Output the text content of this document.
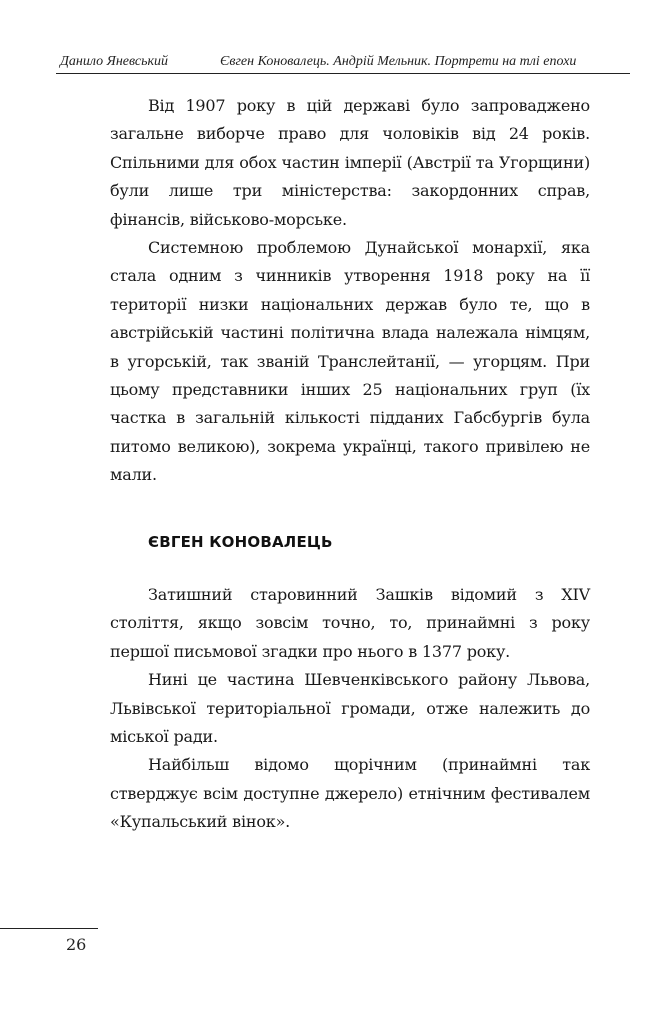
Данило Яневський	Євген Коновалець. Андрій Мельник. Портрети на тлі епохи

Від 1907 року в цій державі було запроваджено загальне виборче право для чоловіків від 24 років. Спільними для обох частин імперії (Австрії та Угорщини) були лише три міністерства: закордонних справ, фінансів, військово-морське.

Системною проблемою Дунайської монархії, яка стала одним з чинників утворення 1918 року на її території низки національних держав було те, що в австрійській частині політична влада належала німцям, в угорській, так званій Транслейтанії, — угорцям. При цьому представники інших 25 національних груп (їх частка в загальній кількості підданих Габсбургів була питомо великою), зокрема українці, такого привілею не мали.

ЄВГЕН КОНОВАЛЕЦЬ

Затишний старовинний Зашків відомий з XIV століття, якщо зовсім точно, то, принаймні з року першої письмової згадки про нього в 1377 року.

Нині це частина Шевченківського району Львова, Львівської територіальної громади, отже належить до міської ради.

Найбільш відомо щорічним (принаймні так стверджує всім доступне джерело) етнічним фестивалем «Купальський вінок».

26
